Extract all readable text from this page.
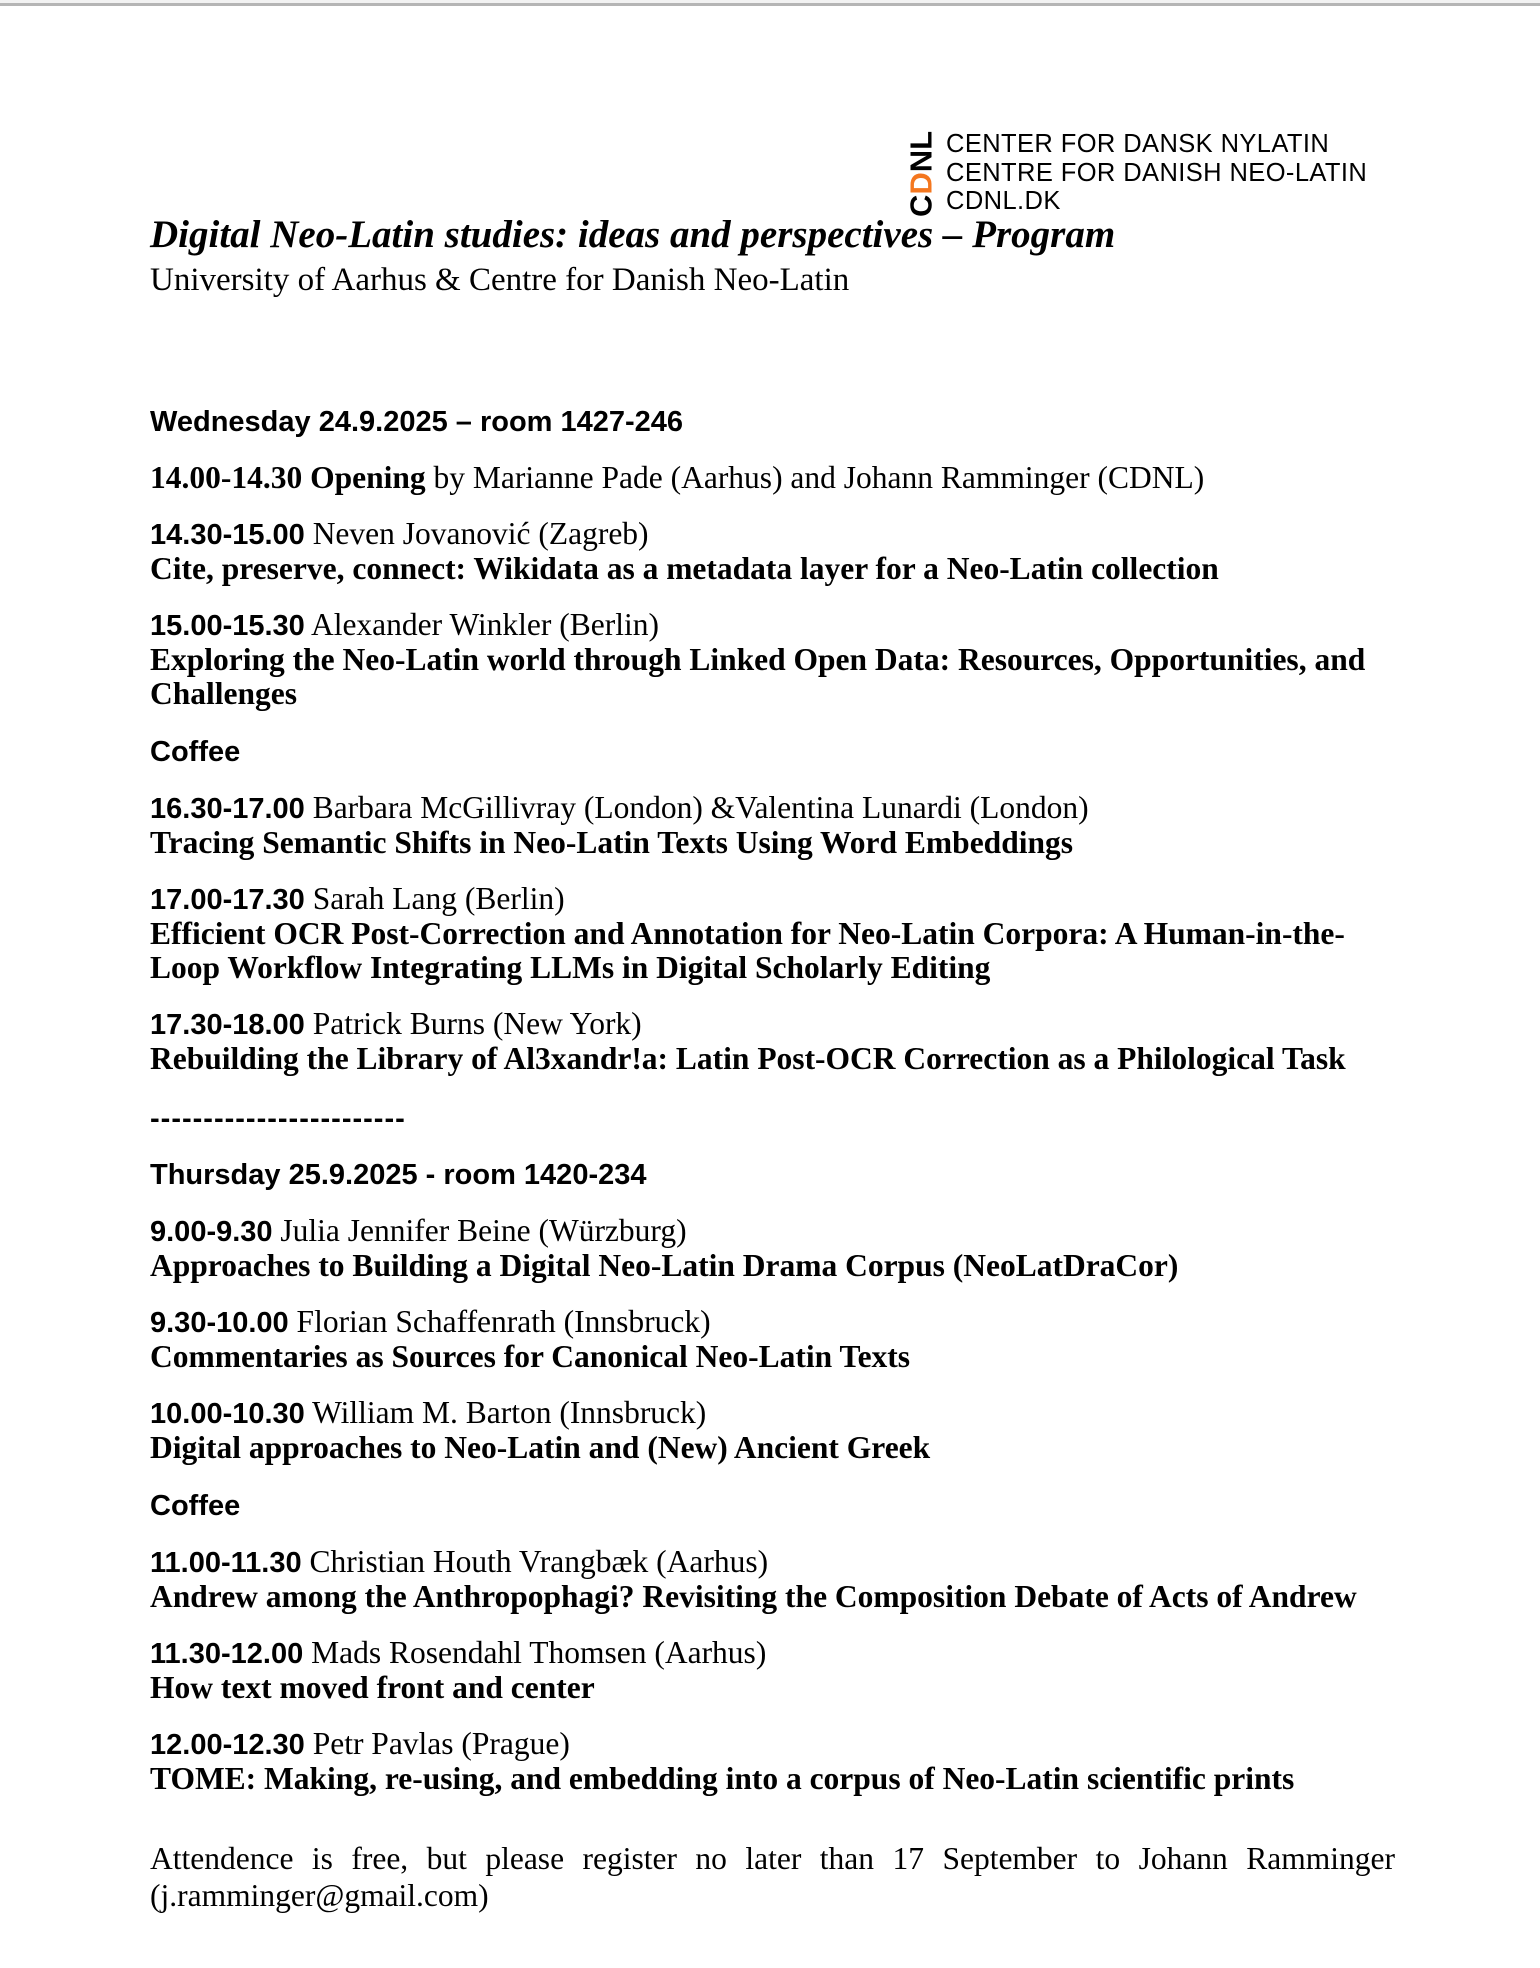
CDNL CENTER FOR DANSK NYLATIN
CENTRE FOR DANISH NEO-LATIN
CDNL.DK
Digital Neo-Latin studies: ideas and perspectives – Program
University of Aarhus & Centre for Danish Neo-Latin
Wednesday 24.9.2025 – room 1427-246

14.00-14.30 Opening by Marianne Pade (Aarhus) and Johann Ramminger (CDNL)

14.30-15.00 Neven Jovanović (Zagreb)
Cite, preserve, connect: Wikidata as a metadata layer for a Neo-Latin collection

15.00-15.30 Alexander Winkler (Berlin)
Exploring the Neo-Latin world through Linked Open Data: Resources, Opportunities, and Challenges

Coffee

16.30-17.00 Barbara McGillivray (London) &Valentina Lunardi (London)
Tracing Semantic Shifts in Neo-Latin Texts Using Word Embeddings

17.00-17.30 Sarah Lang (Berlin)
Efficient OCR Post-Correction and Annotation for Neo-Latin Corpora: A Human-in-the-Loop Workflow Integrating LLMs in Digital Scholarly Editing

17.30-18.00 Patrick Burns (New York)
Rebuilding the Library of Al3xandr!a: Latin Post-OCR Correction as a Philological Task

------------------------
Thursday 25.9.2025 - room 1420-234

9.00-9.30 Julia Jennifer Beine (Würzburg)
Approaches to Building a Digital Neo-Latin Drama Corpus (NeoLatDraCor)

9.30-10.00 Florian Schaffenrath (Innsbruck)
Commentaries as Sources for Canonical Neo-Latin Texts

10.00-10.30 William M. Barton (Innsbruck)
Digital approaches to Neo-Latin and (New) Ancient Greek

Coffee

11.00-11.30 Christian Houth Vrangbæk (Aarhus)
Andrew among the Anthropophagi? Revisiting the Composition Debate of Acts of Andrew

11.30-12.00 Mads Rosendahl Thomsen (Aarhus)
How text moved front and center

12.00-12.30 Petr Pavlas (Prague)
TOME: Making, re-using, and embedding into a corpus of Neo-Latin scientific prints

Attendence is free, but please register no later than 17 September to Johann Ramminger (j.ramminger@gmail.com)
